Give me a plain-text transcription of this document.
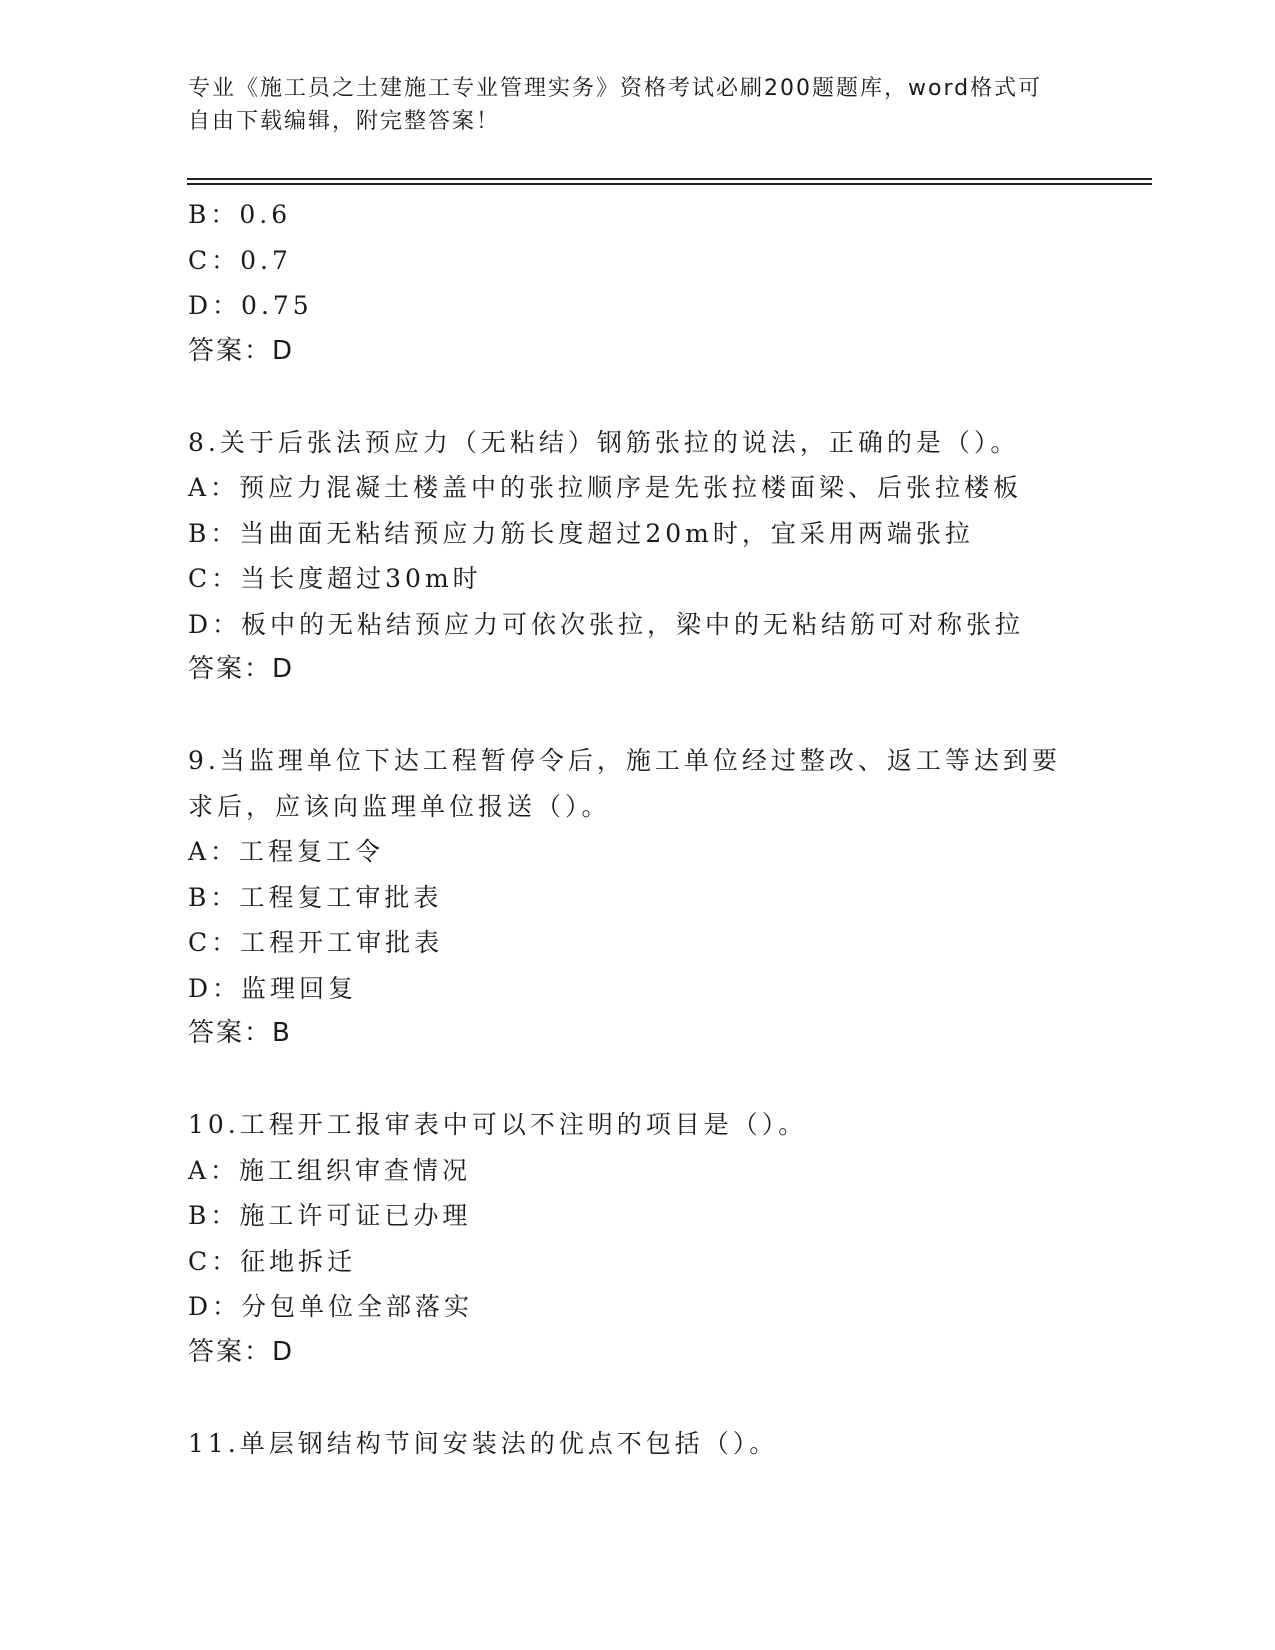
专业《施工员之土建施工专业管理实务》资格考试必刷200题题库，word格式可
自由下载编辑，附完整答案！
B：0.6
C：0.7
D：0.75
答案：D
8.关于后张法预应力（无粘结）钢筋张拉的说法，正确的是（）。
A：预应力混凝土楼盖中的张拉顺序是先张拉楼面梁、后张拉楼板
B：当曲面无粘结预应力筋长度超过20m时，宜采用两端张拉
C：当长度超过30m时
D：板中的无粘结预应力可依次张拉，梁中的无粘结筋可对称张拉
答案：D
9.当监理单位下达工程暂停令后，施工单位经过整改、返工等达到要
求后，应该向监理单位报送（）。
A：工程复工令
B：工程复工审批表
C：工程开工审批表
D：监理回复
答案：B
10.工程开工报审表中可以不注明的项目是（）。
A：施工组织审查情况
B：施工许可证已办理
C：征地拆迁
D：分包单位全部落实
答案：D
11.单层钢结构节间安装法的优点不包括（）。
